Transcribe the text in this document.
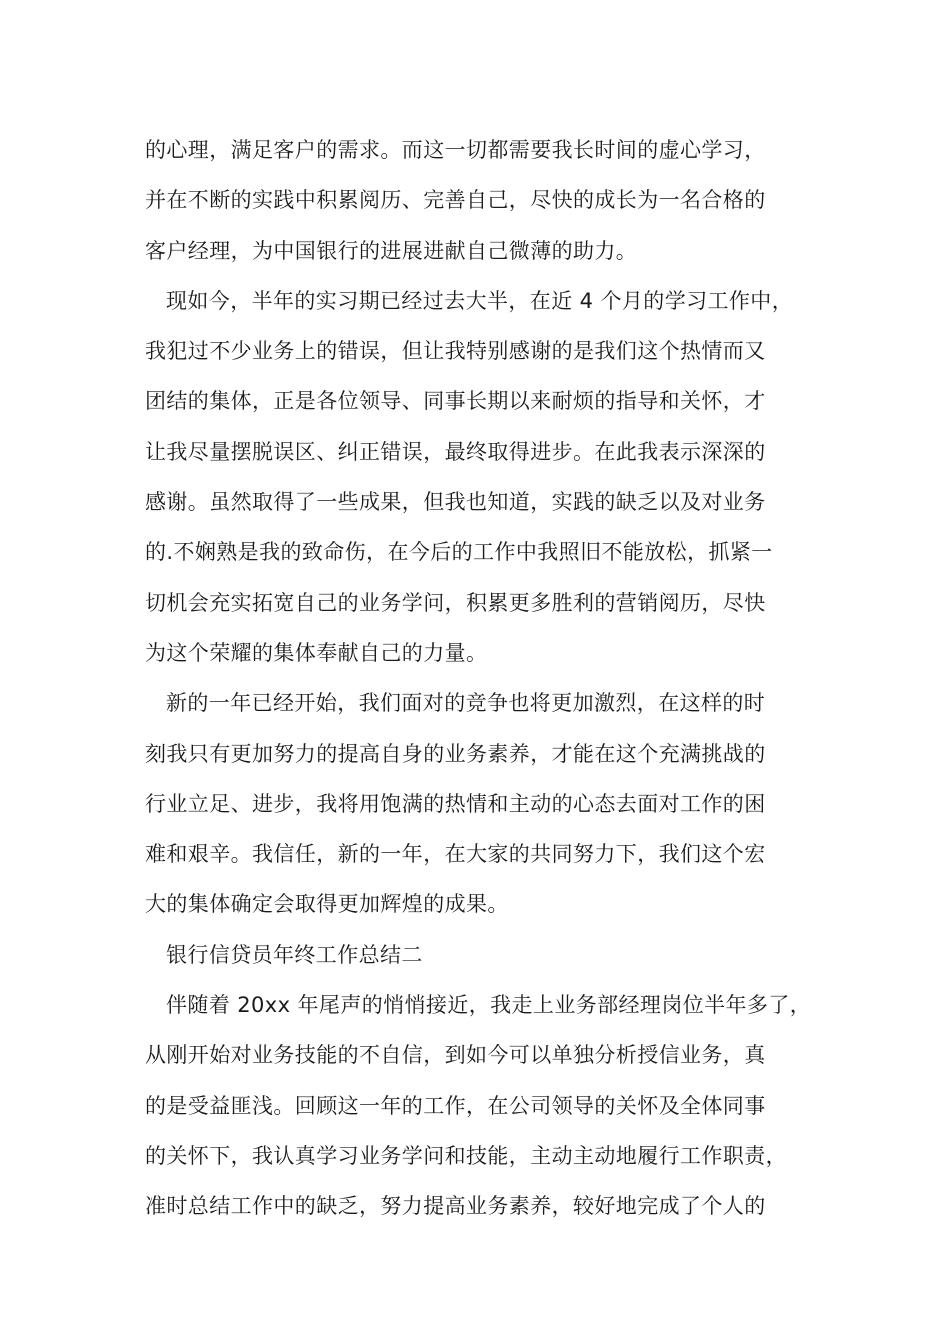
的心理，满足客户的需求。而这一切都需要我长时间的虚心学习，
并在不断的实践中积累阅历、完善自己，尽快的成长为一名合格的
客户经理，为中国银行的进展进献自己微薄的助力。
现如今，半年的实习期已经过去大半，在近 4 个月的学习工作中，
我犯过不少业务上的错误，但让我特别感谢的是我们这个热情而又
团结的集体，正是各位领导、同事长期以来耐烦的指导和关怀，才
让我尽量摆脱误区、纠正错误，最终取得进步。在此我表示深深的
感谢。虽然取得了一些成果，但我也知道，实践的缺乏以及对业务
的.不娴熟是我的致命伤，在今后的工作中我照旧不能放松，抓紧一
切机会充实拓宽自己的业务学问，积累更多胜利的营销阅历，尽快
为这个荣耀的集体奉献自己的力量。
新的一年已经开始，我们面对的竞争也将更加激烈，在这样的时
刻我只有更加努力的提高自身的业务素养，才能在这个充满挑战的
行业立足、进步，我将用饱满的热情和主动的心态去面对工作的困
难和艰辛。我信任，新的一年，在大家的共同努力下，我们这个宏
大的集体确定会取得更加辉煌的成果。
银行信贷员年终工作总结二
伴随着 20xx 年尾声的悄悄接近，我走上业务部经理岗位半年多了，
从刚开始对业务技能的不自信，到如今可以单独分析授信业务，真
的是受益匪浅。回顾这一年的工作，在公司领导的关怀及全体同事
的关怀下，我认真学习业务学问和技能，主动主动地履行工作职责，
准时总结工作中的缺乏，努力提高业务素养，较好地完成了个人的
